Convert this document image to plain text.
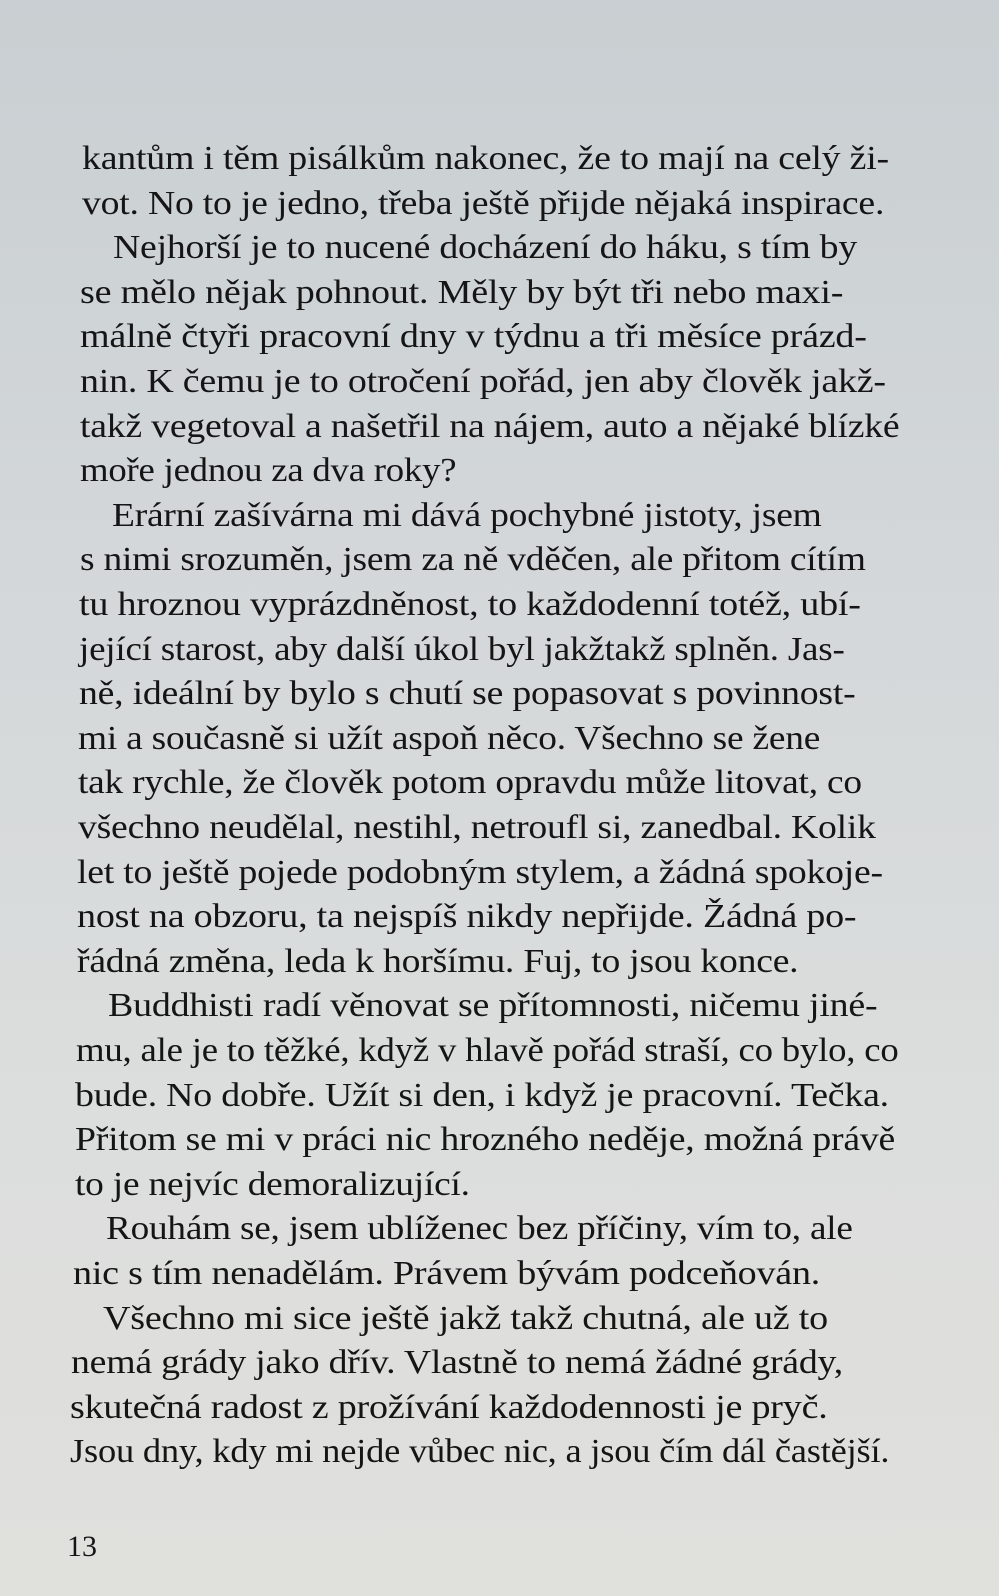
kantům i těm pisálkům nakonec, že to mají na celý ži-
vot. No to je jedno, třeba ještě přijde nějaká inspirace.
Nejhorší je to nucené docházení do háku, s tím by
se mělo nějak pohnout. Měly by být tři nebo maxi-
málně čtyři pracovní dny v týdnu a tři měsíce prázd-
nin. K čemu je to otročení pořád, jen aby člověk jakž-
takž vegetoval a našetřil na nájem, auto a nějaké blízké
moře jednou za dva roky?
Erární zašívárna mi dává pochybné jistoty, jsem
s nimi srozuměn, jsem za ně vděčen, ale přitom cítím
tu hroznou vyprázdněnost, to každodenní totéž, ubí-
jející starost, aby další úkol byl jakžtakž splněn. Jas-
ně, ideální by bylo s chutí se popasovat s povinnost-
mi a současně si užít aspoň něco. Všechno se žene
tak rychle, že člověk potom opravdu může litovat, co
všechno neudělal, nestihl, netroufl si, zanedbal. Kolik
let to ještě pojede podobným stylem, a žádná spokoje-
nost na obzoru, ta nejspíš nikdy nepřijde. Žádná po-
řádná změna, leda k horšímu. Fuj, to jsou konce.
Buddhisti radí věnovat se přítomnosti, ničemu jiné-
mu, ale je to těžké, když v hlavě pořád straší, co bylo, co
bude. No dobře. Užít si den, i když je pracovní. Tečka.
Přitom se mi v práci nic hrozného neděje, možná právě
to je nejvíc demoralizující.
Rouhám se, jsem ublíženec bez příčiny, vím to, ale
nic s tím nenadělám. Právem bývám podceňován.
Všechno mi sice ještě jakž takž chutná, ale už to
nemá grády jako dřív. Vlastně to nemá žádné grády,
skutečná radost z prožívání každodennosti je pryč.
Jsou dny, kdy mi nejde vůbec nic, a jsou čím dál častější.
13
